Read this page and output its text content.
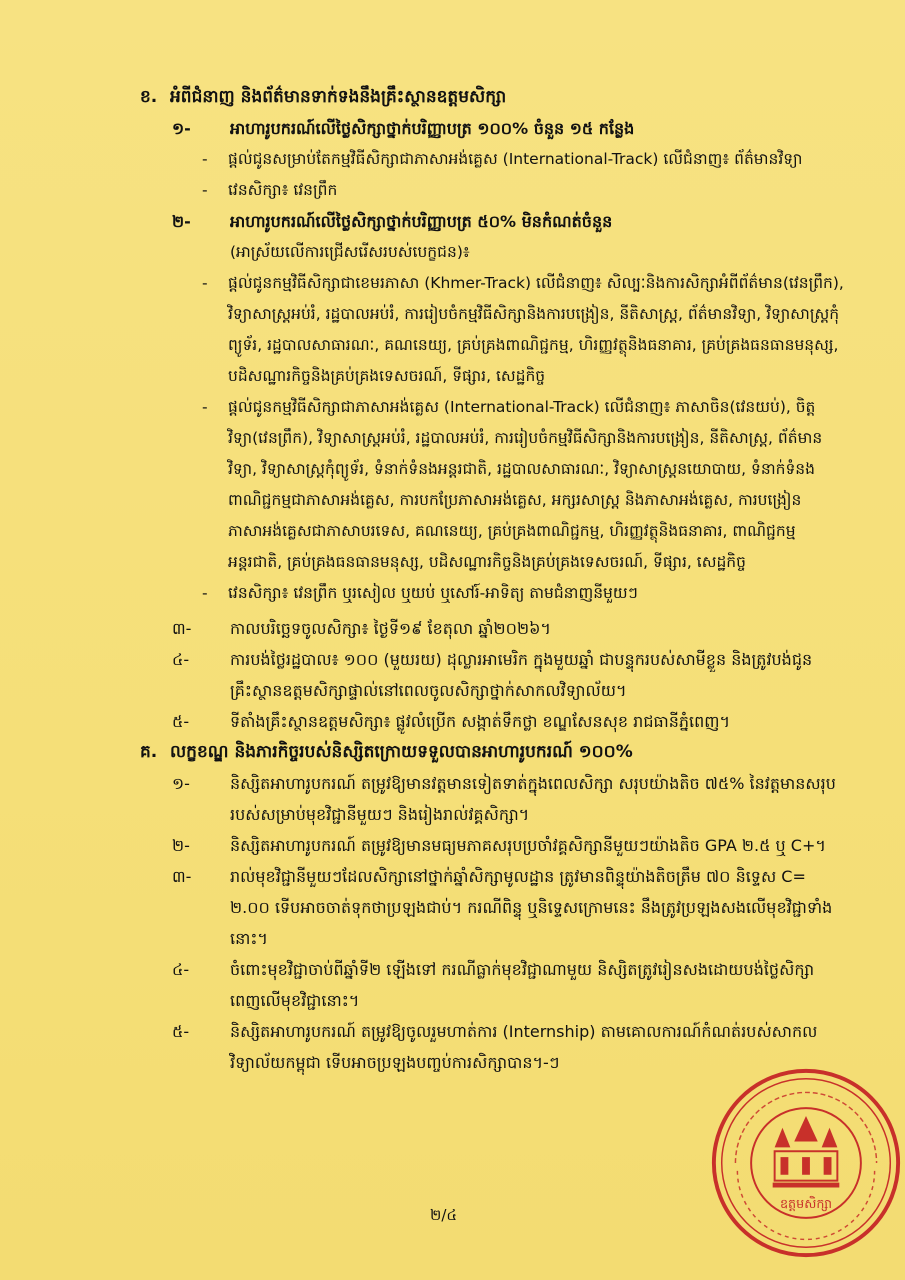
ខ. អំពីជំនាញ និងព័ត៌មានទាក់ទងនឹងគ្រឹះស្ថានឧត្តមសិក្សា
១-	អាហារូបករណ៍លើថ្លៃសិក្សាថ្នាក់បរិញ្ញាបត្រ ១០០% ចំនួន ១៥ កន្លែង
-	ផ្តល់ជូនសម្រាប់តែកម្មវិធីសិក្សាជាភាសាអង់គ្លេស (International-Track) លើជំនាញ៖ ព័ត៌មានវិទ្យា
-	វេនសិក្សា៖ វេនព្រឹក
២-	អាហារូបករណ៍លើថ្លៃសិក្សាថ្នាក់បរិញ្ញាបត្រ ៥០% មិនកំណត់ចំនួន
(អាស្រ័យលើការជ្រើសរើសរបស់បេក្ខជន)៖
-	ផ្តល់ជូនកម្មវិធីសិក្សាជាខេមរភាសា (Khmer-Track) លើជំនាញ៖ សិល្បៈនិងការសិក្សាអំពីព័ត៌មាន(វេនព្រឹក), វិទ្យាសាស្ត្រអប់រំ, រដ្ឋបាលអប់រំ, ការរៀបចំកម្មវិធីសិក្សានិងការបង្រៀន, នីតិសាស្ត្រ, ព័ត៌មានវិទ្យា, វិទ្យាសាស្ត្រកុំព្យូទ័រ, រដ្ឋបាលសាធារណៈ, គណនេយ្យ, គ្រប់គ្រងពាណិជ្ជកម្ម, ហិរញ្ញវត្ថុនិងធនាគារ, គ្រប់គ្រងធនធានមនុស្ស, បដិសណ្ឋារកិច្ចនិងគ្រប់គ្រងទេសចរណ៍, ទីផ្សារ, សេដ្ឋកិច្ច
-	ផ្តល់ជូនកម្មវិធីសិក្សាជាភាសាអង់គ្លេស (International-Track) លើជំនាញ៖ ភាសាចិន(វេនយប់), ចិត្តវិទ្យា(វេនព្រឹក), វិទ្យាសាស្ត្រអប់រំ, រដ្ឋបាលអប់រំ, ការរៀបចំកម្មវិធីសិក្សានិងការបង្រៀន, នីតិសាស្ត្រ, ព័ត៌មានវិទ្យា, វិទ្យាសាស្ត្រកុំព្យូទ័រ, ទំនាក់ទំនងអន្តរជាតិ, រដ្ឋបាលសាធារណៈ, វិទ្យាសាស្ត្រនយោបាយ, ទំនាក់ទំនងពាណិជ្ជកម្មជាភាសាអង់គ្លេស, ការបកប្រែភាសាអង់គ្លេស, អក្សរសាស្ត្រ និងភាសាអង់គ្លេស, ការបង្រៀនភាសាអង់គ្លេសជាភាសាបរទេស, គណនេយ្យ, គ្រប់គ្រងពាណិជ្ជកម្ម, ហិរញ្ញវត្ថុនិងធនាគារ, ពាណិជ្ជកម្មអន្តរជាតិ, គ្រប់គ្រងធនធានមនុស្ស, បដិសណ្ឋារកិច្ចនិងគ្រប់គ្រងទេសចរណ៍, ទីផ្សារ, សេដ្ឋកិច្ច
-	វេនសិក្សា៖ វេនព្រឹក ឬរសៀល ឬយប់ ឬសៅរ៍-អាទិត្យ តាមជំនាញនីមួយៗ
៣-	កាលបរិច្ឆេទចូលសិក្សា៖ ថ្ងៃទី១៩ ខែតុលា ឆ្នាំ២០២៦។
៤-	ការបង់ថ្លៃរដ្ឋបាល៖ ១០០ (មួយរយ) ដុល្លារអាមេរិក ក្នុងមួយឆ្នាំ ជាបន្ទុករបស់សាមីខ្លួន និងត្រូវបង់ជូនគ្រឹះស្ថានឧត្តមសិក្សាផ្ទាល់នៅពេលចូលសិក្សាថ្នាក់សាកលវិទ្យាល័យ។
៥-	ទីតាំងគ្រឹះស្ថានឧត្តមសិក្សា៖ ផ្លូវលំប្រេីក សង្កាត់ទឹកថ្លា ខណ្ឌសែនសុខ រាជធានីភ្នំពេញ។
គ. លក្ខខណ្ឌ និងភារកិច្ចរបស់និស្សិតក្រោយទទួលបានអាហារូបករណ៍ ១០០%
១-	និស្សិតអាហារូបករណ៍ តម្រូវឱ្យមានវត្តមានទៀតទាត់ក្នុងពេលសិក្សា សរុបយ៉ាងតិច ៧៥% នៃវត្តមានសរុបរបស់សម្រាប់មុខវិជ្ជានីមួយៗ និងរៀងរាល់វគ្គសិក្សា។
២-	និស្សិតអាហារូបករណ៍ តម្រូវឱ្យមានមធ្យមភាគសរុបប្រចាំវគ្គសិក្សានីមួយៗយ៉ាងតិច GPA ២.៥ ឬ C+។
៣-	រាល់មុខវិជ្ជានីមួយៗដែលសិក្សានៅថ្នាក់ឆ្នាំសិក្សាមូលដ្ឋាន ត្រូវមានពិន្ទុយ៉ាងតិចត្រឹម ៧០ និទ្ទេស C= ២.០០ ទើបអាចចាត់ទុកថាប្រឡងជាប់។ ករណីពិន្ទុ ឬនិទ្ទេសក្រោមនេះ នឹងត្រូវប្រឡងសងលើមុខវិជ្ជាទាំងនោះ។
៤-	ចំពោះមុខវិជ្ជាចាប់ពីឆ្នាំទី២ ឡើងទៅ ករណីធ្លាក់មុខវិជ្ជាណាមួយ និស្សិតត្រូវរៀនសងដោយបង់ថ្លៃសិក្សាពេញលើមុខវិជ្ជានោះ។
៥-	និស្សិតអាហារូបករណ៍ តម្រូវឱ្យចូលរួមហាត់ការ (Internship) តាមគោលការណ៍កំណត់របស់សាកលវិទ្យាល័យកម្ពុជា ទើបអាចប្រឡងបញ្ចប់ការសិក្សាបាន។-ៗ
២/៤
ឧត្តមសិក្សា
